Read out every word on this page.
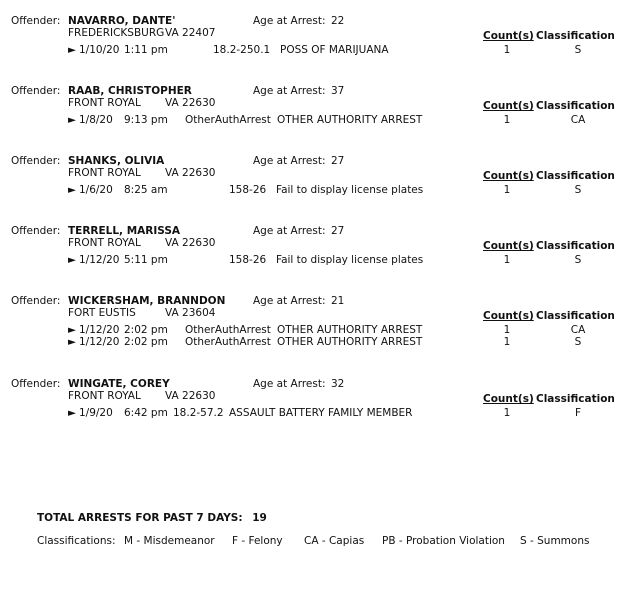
Offender: NAVARRO, DANTE'	Age at Arrest: 22
FREDERICKSBURG VA 22407	Count(s) Classification
► 1/10/20 1:11 pm	18.2-250.1 POSS OF MARIJUANA	1	S
Offender: RAAB, CHRISTOPHER	Age at Arrest: 37
FRONT ROYAL VA 22630	Count(s) Classification
► 1/8/20 9:13 pm OtherAuthArrest OTHER AUTHORITY ARREST	1	CA
Offender: SHANKS, OLIVIA	Age at Arrest: 27
FRONT ROYAL VA 22630	Count(s) Classification
► 1/6/20 8:25 am	158-26 Fail to display license plates	1	S
Offender: TERRELL, MARISSA	Age at Arrest: 27
FRONT ROYAL VA 22630	Count(s) Classification
► 1/12/20 5:11 pm	158-26 Fail to display license plates	1	S
Offender: WICKERSHAM, BRANNDON	Age at Arrest: 21
FORT EUSTIS	VA 23604	Count(s) Classification
► 1/12/20 2:02 pm OtherAuthArrest OTHER AUTHORITY ARREST	1	CA
► 1/12/20 2:02 pm OtherAuthArrest OTHER AUTHORITY ARREST	1	S
Offender: WINGATE, COREY	Age at Arrest: 32
FRONT ROYAL VA 22630	Count(s) Classification
► 1/9/20 6:42 pm 18.2-57.2 ASSAULT BATTERY FAMILY MEMBER	1	F
TOTAL ARRESTS FOR PAST 7 DAYS: 19
Classifications: M - Misdemeanor F - Felony CA - Capias PB - Probation Violation S - Summons
